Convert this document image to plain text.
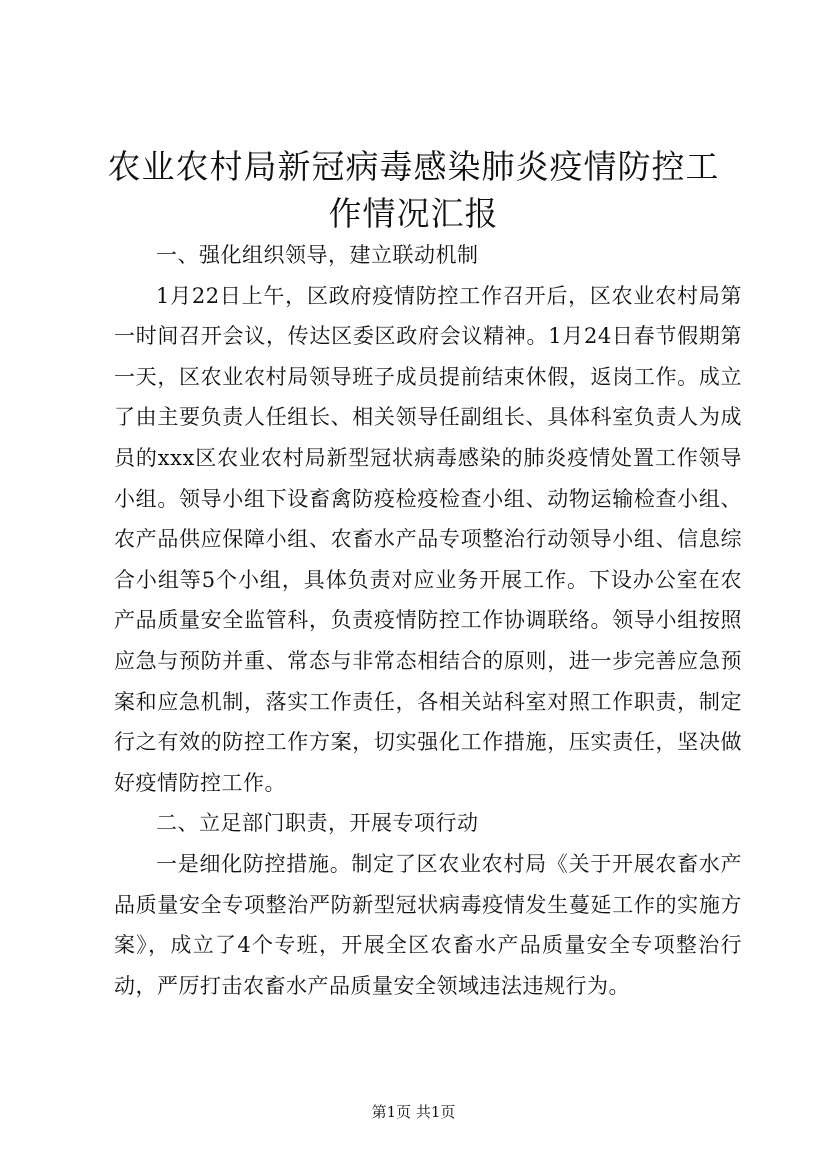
农业农村局新冠病毒感染肺炎疫情防控工作情况汇报

一、强化组织领导，建立联动机制

1月22日上午，区政府疫情防控工作召开后，区农业农村局第一时间召开会议，传达区委区政府会议精神。1月24日春节假期第一天，区农业农村局领导班子成员提前结束休假，返岗工作。成立了由主要负责人任组长、相关领导任副组长、具体科室负责人为成员的xxx区农业农村局新型冠状病毒感染的肺炎疫情处置工作领导小组。领导小组下设畜禽防疫检疫检查小组、动物运输检查小组、农产品供应保障小组、农畜水产品专项整治行动领导小组、信息综合小组等5个小组，具体负责对应业务开展工作。下设办公室在农产品质量安全监管科，负责疫情防控工作协调联络。领导小组按照应急与预防并重、常态与非常态相结合的原则，进一步完善应急预案和应急机制，落实工作责任，各相关站科室对照工作职责，制定行之有效的防控工作方案，切实强化工作措施，压实责任，坚决做好疫情防控工作。

二、立足部门职责，开展专项行动

一是细化防控措施。制定了区农业农村局《关于开展农畜水产品质量安全专项整治严防新型冠状病毒疫情发生蔓延工作的实施方案》，成立了4个专班，开展全区农畜水产品质量安全专项整治行动，严厉打击农畜水产品质量安全领域违法违规行为。

第1页 共1页
